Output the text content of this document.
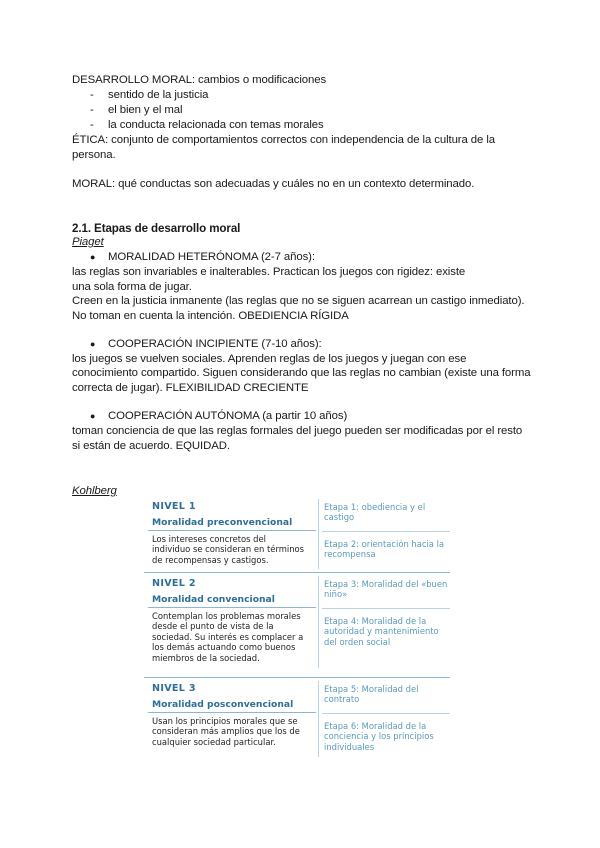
DESARROLLO MORAL: cambios o modificaciones
- sentido de la justicia
- el bien y el mal
- la conducta relacionada con temas morales
ÉTICA: conjunto de comportamientos correctos con independencia de la cultura de la
persona.
MORAL: qué conductas son adecuadas y cuáles no en un contexto determinado.
2.1. Etapas de desarrollo moral
Piaget
● MORALIDAD HETERÓNOMA (2-7 años):
las reglas son invariables e inalterables. Practican los juegos con rigidez: existe
una sola forma de jugar.
Creen en la justicia inmanente (las reglas que no se siguen acarrean un castigo inmediato).
No toman en cuenta la intención. OBEDIENCIA RÍGIDA
● COOPERACIÓN INCIPIENTE (7-10 años):
los juegos se vuelven sociales. Aprenden reglas de los juegos y juegan con ese
conocimiento compartido. Siguen considerando que las reglas no cambian (existe una forma
correcta de jugar). FLEXIBILIDAD CRECIENTE
● COOPERACIÓN AUTÓNOMA (a partir 10 años)
toman conciencia de que las reglas formales del juego pueden ser modificadas por el resto
si están de acuerdo. EQUIDAD.
Kohlberg
NIVEL 1
Moralidad preconvencional
Los intereses concretos del
individuo se consideran en términos
de recompensas y castigos.
Etapa 1: obediencia y el
castigo
Etapa 2: orientación hacia la
recompensa
NIVEL 2
Moralidad convencional
Contemplan los problemas morales
desde el punto de vista de la
sociedad. Su interés es complacer a
los demás actuando como buenos
miembros de la sociedad.
Etapa 3: Moralidad del «buen
niño»
Etapa 4: Moralidad de la
autoridad y mantenimiento
del orden social
NIVEL 3
Moralidad posconvencional
Usan los principios morales que se
consideran más amplios que los de
cualquier sociedad particular.
Etapa 5: Moralidad del
contrato
Etapa 6: Moralidad de la
conciencia y los principios
individuales
